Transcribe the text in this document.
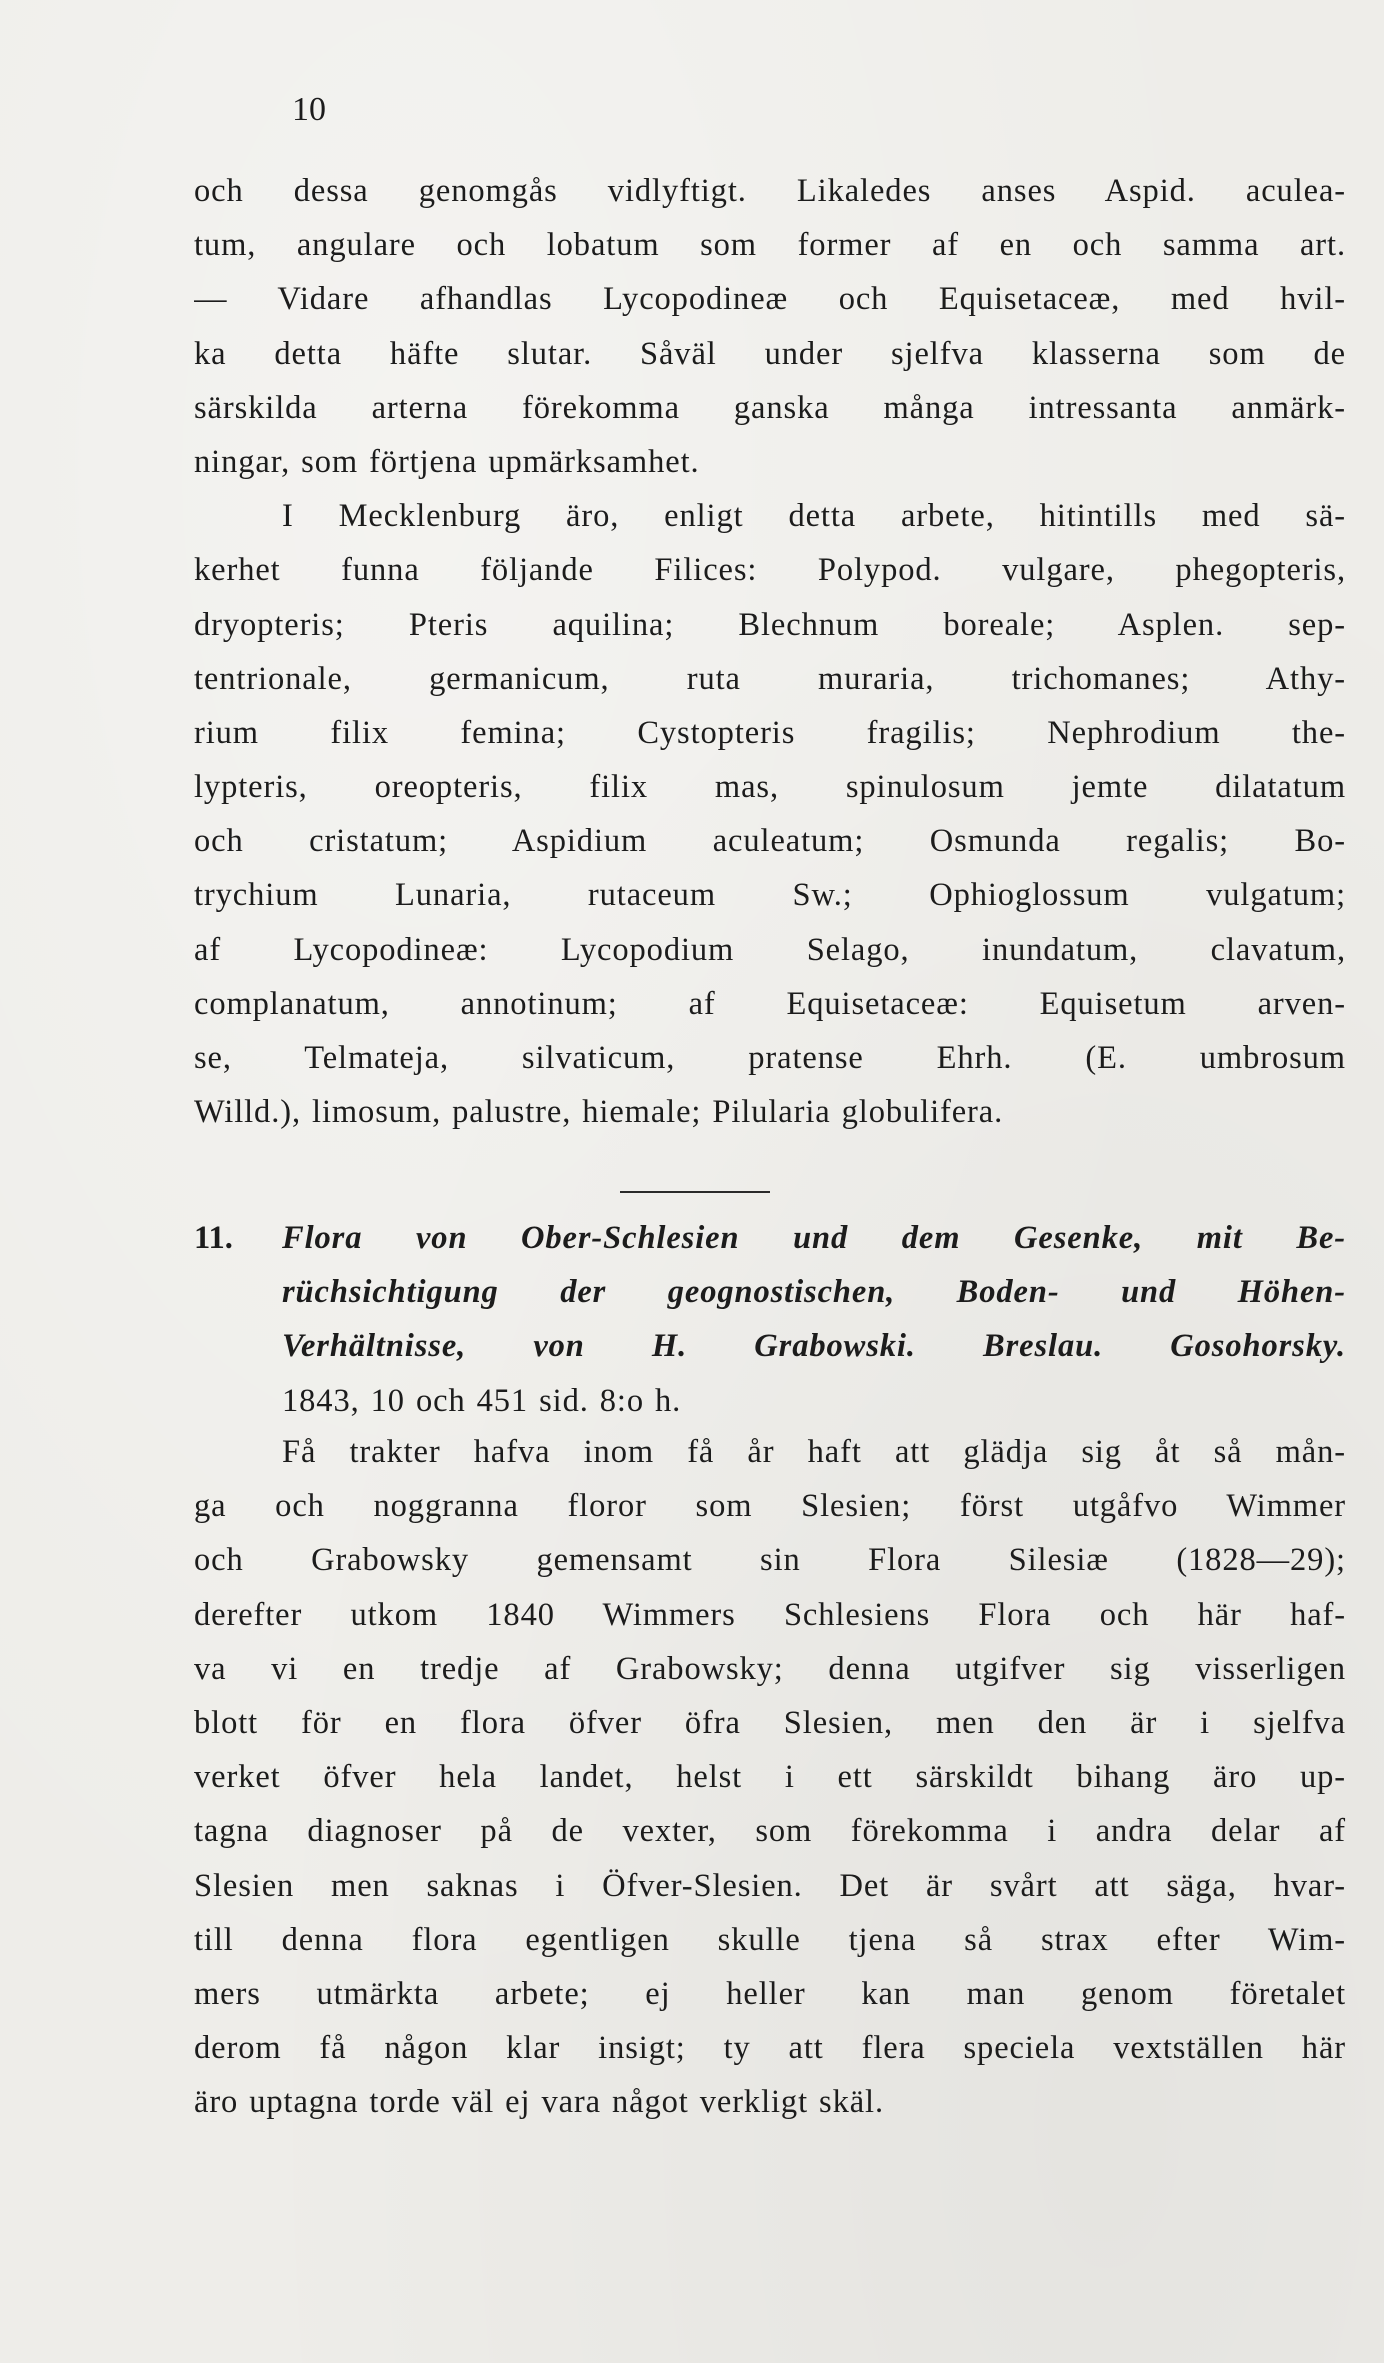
10
och dessa genomgås vidlyftigt. Likaledes anses Aspid. aculea-
tum, angulare och lobatum som former af en och samma art.
— Vidare afhandlas Lycopodineæ och Equisetaceæ, med hvil-
ka detta häfte slutar. Såväl under sjelfva klasserna som de
särskilda arterna förekomma ganska många intressanta anmärk-
ningar, som förtjena upmärksamhet.
I Mecklenburg äro, enligt detta arbete, hitintills med sä-
kerhet funna följande Filices: Polypod. vulgare, phegopteris,
dryopteris; Pteris aquilina; Blechnum boreale; Asplen. sep-
tentrionale, germanicum, ruta muraria, trichomanes; Athy-
rium filix femina; Cystopteris fragilis; Nephrodium the-
lypteris, oreopteris, filix mas, spinulosum jemte dilatatum
och cristatum; Aspidium aculeatum; Osmunda regalis; Bo-
trychium Lunaria, rutaceum Sw.; Ophioglossum vulgatum;
af Lycopodineæ: Lycopodium Selago, inundatum, clavatum,
complanatum, annotinum; af Equisetaceæ: Equisetum arven-
se, Telmateja, silvaticum, pratense Ehrh. (E. umbrosum
Willd.), limosum, palustre, hiemale; Pilularia globulifera.
11.	Flora von Ober-Schlesien und dem Gesenke, mit Be-
rüchsichtigung der geognostischen, Boden- und Höhen-
Verhältnisse, von H. Grabowski. Breslau. Gosohorsky.
1843, 10 och 451 sid. 8:o h.
Få trakter hafva inom få år haft att glädja sig åt så mån-
ga och noggranna floror som Slesien; först utgåfvo Wimmer
och Grabowsky gemensamt sin Flora Silesiæ (1828—29);
derefter utkom 1840 Wimmers Schlesiens Flora och här haf-
va vi en tredje af Grabowsky; denna utgifver sig visserligen
blott för en flora öfver öfra Slesien, men den är i sjelfva
verket öfver hela landet, helst i ett särskildt bihang äro up-
tagna diagnoser på de vexter, som förekomma i andra delar af
Slesien men saknas i Öfver-Slesien. Det är svårt att säga, hvar-
till denna flora egentligen skulle tjena så strax efter Wim-
mers utmärkta arbete; ej heller kan man genom företalet
derom få någon klar insigt; ty att flera speciela vextställen här
äro uptagna torde väl ej vara något verkligt skäl.
